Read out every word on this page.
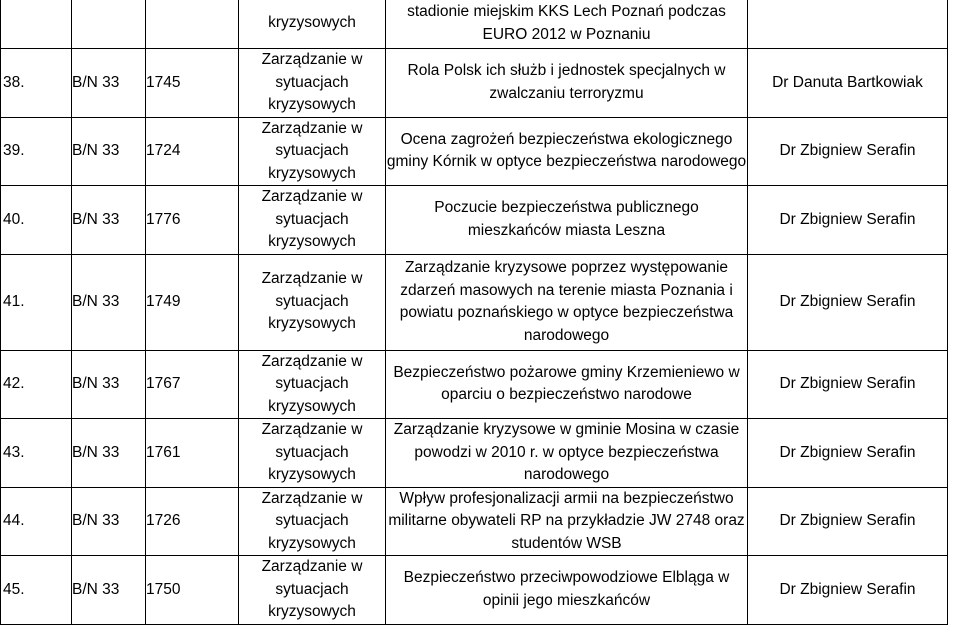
			kryzysowych	stadionie miejskim KKS Lech Poznań podczas EURO 2012 w Poznaniu	
38.	B/N 33	1745	Zarządzanie w sytuacjach kryzysowych	Rola Polsk ich służb i jednostek specjalnych w zwalczaniu terroryzmu	Dr Danuta Bartkowiak
39.	B/N 33	1724	Zarządzanie w sytuacjach kryzysowych	Ocena zagrożeń bezpieczeństwa ekologicznego gminy Kórnik w optyce bezpieczeństwa narodowego	Dr Zbigniew Serafin
40.	B/N 33	1776	Zarządzanie w sytuacjach kryzysowych	Poczucie bezpieczeństwa publicznego mieszkańców miasta Leszna	Dr Zbigniew Serafin
41.	B/N 33	1749	Zarządzanie w sytuacjach kryzysowych	Zarządzanie kryzysowe poprzez występowanie zdarzeń masowych na terenie miasta Poznania i powiatu poznańskiego w optyce bezpieczeństwa narodowego	Dr Zbigniew Serafin
42.	B/N 33	1767	Zarządzanie w sytuacjach kryzysowych	Bezpieczeństwo pożarowe gminy Krzemieniewo w oparciu o bezpieczeństwo narodowe	Dr Zbigniew Serafin
43.	B/N 33	1761	Zarządzanie w sytuacjach kryzysowych	Zarządzanie kryzysowe w gminie Mosina w czasie powodzi w 2010 r. w optyce bezpieczeństwa narodowego	Dr Zbigniew Serafin
44.	B/N 33	1726	Zarządzanie w sytuacjach kryzysowych	Wpływ profesjonalizacji armii na bezpieczeństwo militarne obywateli RP na przykładzie JW 2748 oraz studentów WSB	Dr Zbigniew Serafin
45.	B/N 33	1750	Zarządzanie w sytuacjach kryzysowych	Bezpieczeństwo przeciwpowodziowe Elbląga w opinii jego mieszkańców	Dr Zbigniew Serafin
